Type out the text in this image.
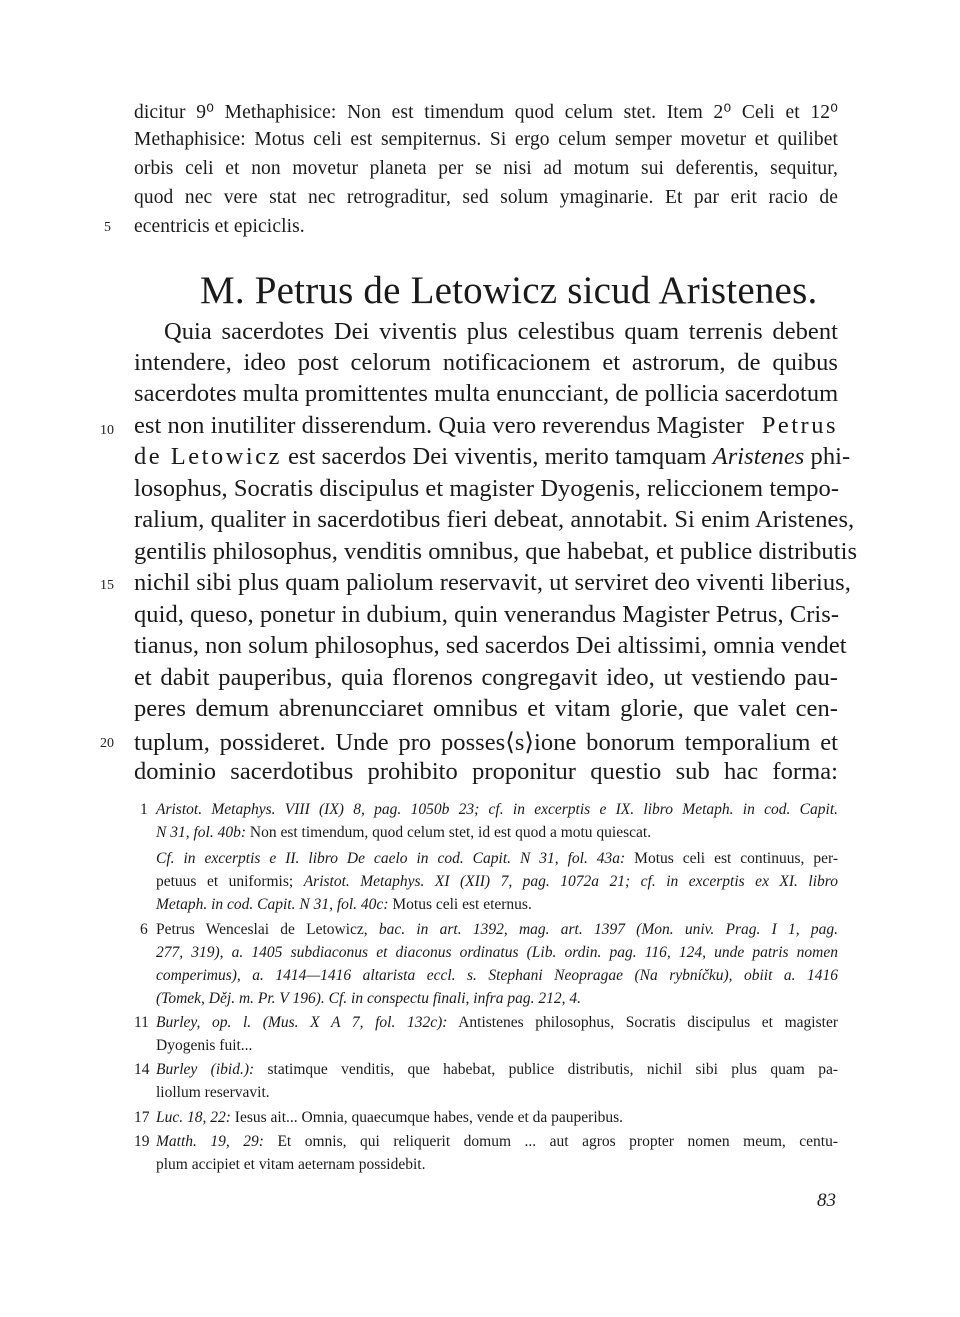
dicitur 9⁰ Methaphisice: Non est timendum quod celum stet. Item 2⁰ Celi et 12⁰
Methaphisice: Motus celi est sempiternus. Si ergo celum semper movetur et quilibet
orbis celi et non movetur planeta per se nisi ad motum sui deferentis, sequitur,
quod nec vere stat nec retrograditur, sed solum ymaginarie. Et par erit racio de
ecentricis et epiciclis.
5
10
15
20
M. Petrus de Letowicz sicud Aristenes.
Quia sacerdotes Dei viventis plus celestibus quam terrenis debent
intendere, ideo post celorum notificacionem et astrorum, de quibus
sacerdotes multa promittentes multa enuncciant, de pollicia sacerdotum
est non inutiliter disserendum. Quia vero reverendus Magister Petrus
de Letowicz est sacerdos Dei viventis, merito tamquam Aristenes phi-
losophus, Socratis discipulus et magister Dyogenis, reliccionem tempo-
ralium, qualiter in sacerdotibus fieri debeat, annotabit. Si enim Aristenes,
gentilis philosophus, venditis omnibus, que habebat, et publice distributis
nichil sibi plus quam paliolum reservavit, ut serviret deo viventi liberius,
quid, queso, ponetur in dubium, quin venerandus Magister Petrus, Cris-
tianus, non solum philosophus, sed sacerdos Dei altissimi, omnia vendet
et dabit pauperibus, quia florenos congregavit ideo, ut vestiendo pau-
peres demum abrenuncciaret omnibus et vitam glorie, que valet cen-
tuplum, possideret. Unde pro posses⟨s⟩ione bonorum temporalium et
dominio sacerdotibus prohibito proponitur questio sub hac forma:
1 Aristot. Metaphys. VIII (IX) 8, pag. 1050b 23; cf. in excerptis e IX. libro Metaph. in cod. Capit.
N 31, fol. 40b: Non est timendum, quod celum stet, id est quod a motu quiescat.
Cf. in excerptis e II. libro De caelo in cod. Capit. N 31, fol. 43a: Motus celi est continuus, per-
petuus et uniformis; Aristot. Metaphys. XI (XII) 7, pag. 1072a 21; cf. in excerptis ex XI. libro
Metaph. in cod. Capit. N 31, fol. 40c: Motus celi est eternus.
6 Petrus Wenceslai de Letowicz, bac. in art. 1392, mag. art. 1397 (Mon. univ. Prag. I 1, pag.
277, 319), a. 1405 subdiaconus et diaconus ordinatus (Lib. ordin. pag. 116, 124, unde patris nomen
comperimus), a. 1414—1416 altarista eccl. s. Stephani Neopragae (Na rybníčku), obiit a. 1416
(Tomek, Děj. m. Pr. V 196). Cf. in conspectu finali, infra pag. 212, 4.
11 Burley, op. l. (Mus. X A 7, fol. 132c): Antistenes philosophus, Socratis discipulus et magister
Dyogenis fuit...
14 Burley (ibid.): statimque venditis, que habebat, publice distributis, nichil sibi plus quam pa-
liollum reservavit.
17 Luc. 18, 22: Iesus ait... Omnia, quaecumque habes, vende et da pauperibus.
19 Matth. 19, 29: Et omnis, qui reliquerit domum ... aut agros propter nomen meum, centu-
plum accipiet et vitam aeternam possidebit.
83
